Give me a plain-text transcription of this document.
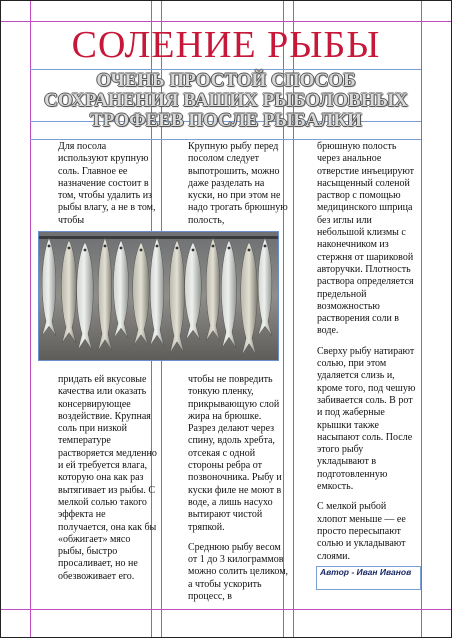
СОЛЕНИЕ РЫБЫ
ОЧЕНЬ ПРОСТОЙ СПОСОБ СОХРАНЕНИЯ ВАШИХ РЫБОЛОВНЫХ ТРОФЕЕВ ПОСЛЕ РЫБАЛКИ

Для посола используют крупную соль. Главное ее назначение состоит в том, чтобы удалить из рыбы влагу, а не в том, чтобы

придать ей вкусовые качества или оказать консервирующее воздействие. Крупная соль при низкой температуре растворяется медленно и ей требуется влага, которую она как раз вытягивает из рыбы. С мелкой солью такого эффекта не получается, она как бы «обжигает» мясо рыбы, быстро просаливает, но не обезвоживает его.

Крупную рыбу перед посолом следует выпотрошить, можно даже разделать на куски, но при этом не надо трогать брюшную полость,

чтобы не повредить тонкую пленку, прикрывающую слой жира на брюшке. Разрез делают через спину, вдоль хребта, отсекая с одной стороны ребра от позвоночника. Рыбу и куски филе не моют в воде, а лишь насухо вытирают чистой тряпкой.

Среднюю рыбу весом от 1 до 3 килограммов можно солить целиком, а чтобы ускорить процесс, в

брюшную полость через анальное отверстие инъецируют насыщенный соленой раствор с помощью медицинского шприца без иглы или небольшой клизмы с наконечником из стержня от шариковой авторучки. Плотность раствора определяется предельной возможностью растворения соли в воде.

Сверху рыбу натирают солью, при этом удаляется слизь и, кроме того, под чешую забивается соль. В рот и под жаберные крышки также насыпают соль. После этого рыбу укладывают в подготовленную емкость.

С мелкой рыбой хлопот меньше — ее просто пересыпают солью и укладывают слоями.

Автор - Иван Иванов
